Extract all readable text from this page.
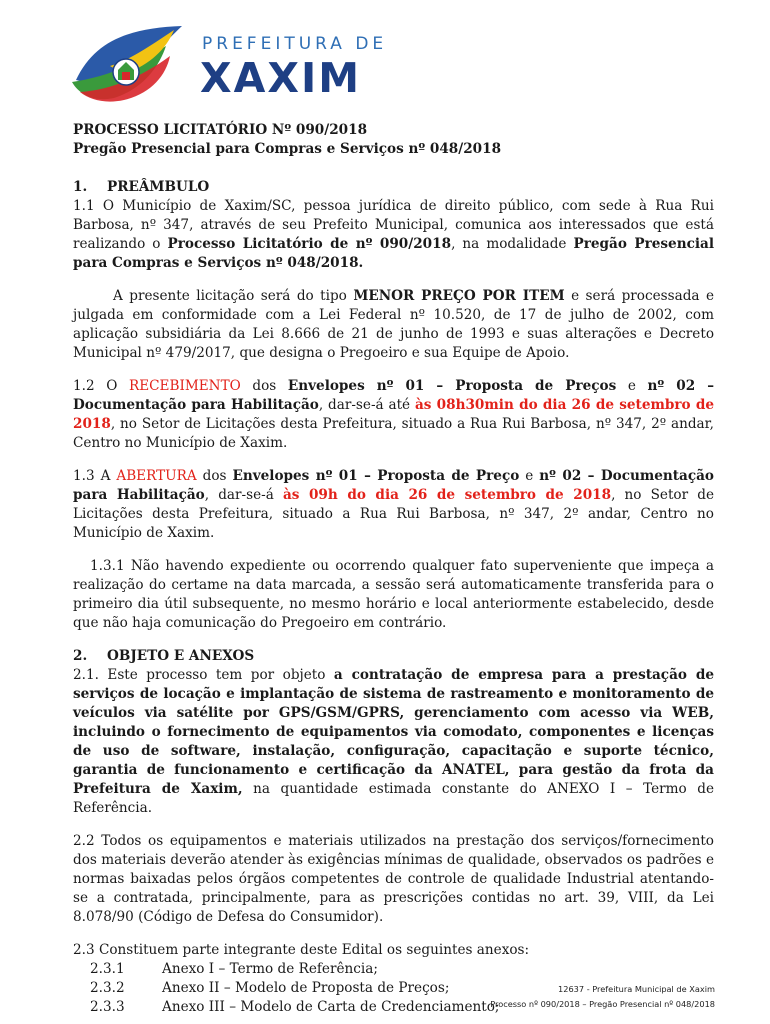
PREFEITURA DE
XAXIM

PROCESSO LICITATÓRIO Nº 090/2018

Pregão Presencial para Compras e Serviços nº 048/2018

1. PREÂMBULO

1.1 O Município de Xaxim/SC, pessoa jurídica de direito público, com sede à Rua Rui Barbosa, nº 347, através de seu Prefeito Municipal, comunica aos interessados que está realizando o Processo Licitatório de nº 090/2018, na modalidade Pregão Presencial para Compras e Serviços nº 048/2018.

A presente licitação será do tipo MENOR PREÇO POR ITEM e será processada e julgada em conformidade com a Lei Federal nº 10.520, de 17 de julho de 2002, com aplicação subsidiária da Lei 8.666 de 21 de junho de 1993 e suas alterações e Decreto Municipal nº 479/2017, que designa o Pregoeiro e sua Equipe de Apoio.

1.2 O RECEBIMENTO dos Envelopes nº 01 – Proposta de Preços e nº 02 – Documentação para Habilitação, dar-se-á até às 08h30min do dia 26 de setembro de 2018, no Setor de Licitações desta Prefeitura, situado a Rua Rui Barbosa, nº 347, 2º andar, Centro no Município de Xaxim.

1.3 A ABERTURA dos Envelopes nº 01 – Proposta de Preço e nº 02 – Documentação para Habilitação, dar-se-á às 09h do dia 26 de setembro de 2018, no Setor de Licitações desta Prefeitura, situado a Rua Rui Barbosa, nº 347, 2º andar, Centro no Município de Xaxim.

1.3.1 Não havendo expediente ou ocorrendo qualquer fato superveniente que impeça a realização do certame na data marcada, a sessão será automaticamente transferida para o primeiro dia útil subsequente, no mesmo horário e local anteriormente estabelecido, desde que não haja comunicação do Pregoeiro em contrário.

2. OBJETO E ANEXOS

2.1. Este processo tem por objeto a contratação de empresa para a prestação de serviços de locação e implantação de sistema de rastreamento e monitoramento de veículos via satélite por GPS/GSM/GPRS, gerenciamento com acesso via WEB, incluindo o fornecimento de equipamentos via comodato, componentes e licenças de uso de software, instalação, configuração, capacitação e suporte técnico, garantia de funcionamento e certificação da ANATEL, para gestão da frota da Prefeitura de Xaxim, na quantidade estimada constante do ANEXO I – Termo de Referência.

2.2 Todos os equipamentos e materiais utilizados na prestação dos serviços/fornecimento dos materiais deverão atender às exigências mínimas de qualidade, observados os padrões e normas baixadas pelos órgãos competentes de controle de qualidade Industrial atentando-se a contratada, principalmente, para as prescrições contidas no art. 39, VIII, da Lei 8.078/90 (Código de Defesa do Consumidor).

2.3 Constituem parte integrante deste Edital os seguintes anexos:

2.3.1	Anexo I – Termo de Referência;
2.3.2	Anexo II – Modelo de Proposta de Preços;
2.3.3	Anexo III – Modelo de Carta de Credenciamento;
12637 - Prefeitura Municipal de Xaxim
Processo nº 090/2018 – Pregão Presencial nº 048/2018
